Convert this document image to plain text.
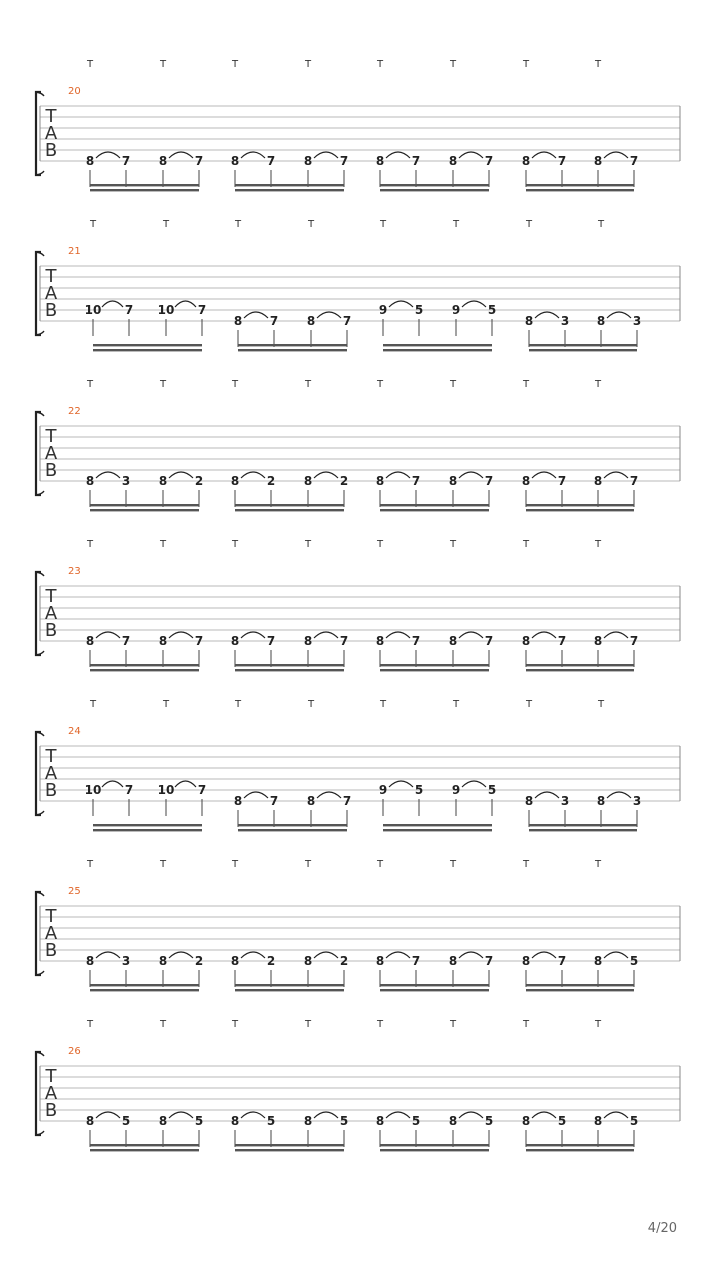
T
A
B
20
T	T	T	T	T	T	T	T
8 7 8 7 8 7 8 7 8 7 8 7 8 7 8 7
T
A
B
21
T	T	T	T	T	T	T	T
10 7 10 7
8 7 8 7
9 5 9 5
8 3 8 3
T
A
B
22
T	T	T	T	T	T	T	T
8 3 8 2 8 2 8 2 8 7 8 7 8 7 8 7
T
A
B
23
T	T	T	T	T	T	T	T
8 7 8 7 8 7 8 7 8 7 8 7 8 7 8 7
T
A
B
24
T	T	T	T	T	T	T	T
10 7 10 7
8 7 8 7
9 5 9 5
8 3 8 3
T
A
B
25
T	T	T	T	T	T	T	T
8 3 8 2 8 2 8 2 8 7 8 7 8 7 8 5
T
A
B
26
T	T	T	T	T	T	T	T
8 5 8 5 8 5 8 5 8 5 8 5 8 5 8 5
4/20
